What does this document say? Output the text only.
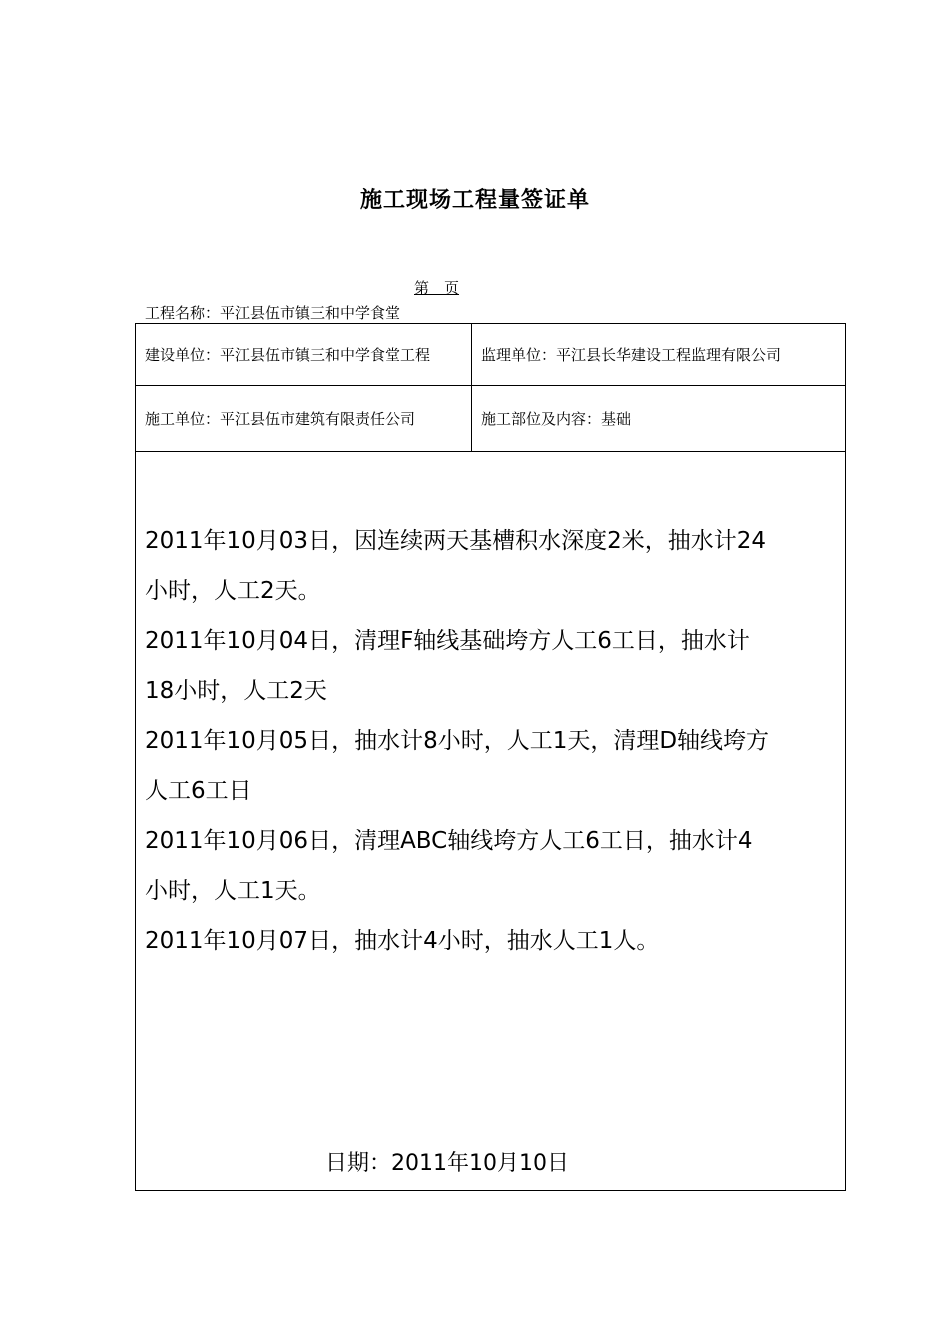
施工现场工程量签证单
第　页
工程名称：平江县伍市镇三和中学食堂
建设单位：平江县伍市镇三和中学食堂工程	监理单位：平江县长华建设工程监理有限公司
施工单位：平江县伍市建筑有限责任公司	施工部位及内容：基础
2011年10月03日，因连续两天基槽积水深度2米，抽水计24
小时，人工2天。
2011年10月04日，清理F轴线基础垮方人工6工日，抽水计
18小时，人工2天
2011年10月05日，抽水计8小时，人工1天，清理D轴线垮方
人工6工日
2011年10月06日，清理ABC轴线垮方人工6工日，抽水计4
小时，人工1天。
2011年10月07日，抽水计4小时，抽水人工1人。
日期：2011年10月10日
